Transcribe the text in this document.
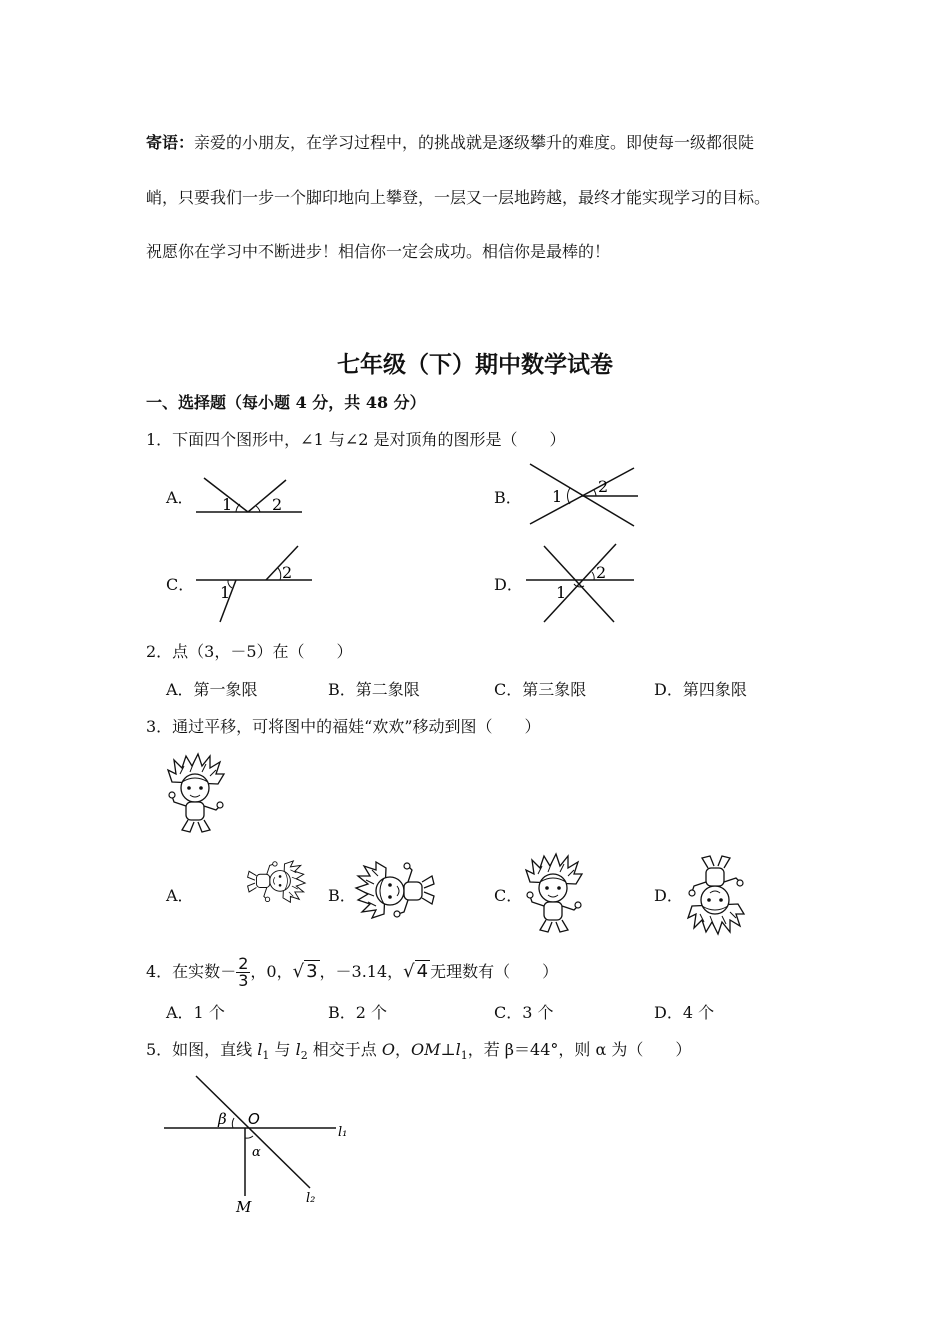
寄语：亲爱的小朋友，在学习过程中，的挑战就是逐级攀升的难度。即使每一级都很陡
峭，只要我们一步一个脚印地向上攀登，一层又一层地跨越，最终才能实现学习的目标。
祝愿你在学习中不断进步！相信你一定会成功。相信你是最棒的！
七年级（下）期中数学试卷
一、选择题（每小题 4 分，共 48 分）
1．下面四个图形中，∠1 与∠2 是对顶角的图形是（　　）
A． 1 2	B． 1
2
C． 1
2
D． 1
2
2．点（3，－5）在（　　）
A．第一象限	B．第二象限	C．第三象限	D．第四象限
3．通过平移，可将图中的福娃“欢欢”移动到图（　　）
A．	B．	C．	D．
4．在实数－ $\frac{2}{3}$ ，0，√ 3 ，－3.14，√ 4 无理数有（　　）
A．1 个	B．2 个	C．3 个	D．4 个
5．如图，直线 $l_1$ 与 $l_2$ 相交于点 O，$OM\perp l_1$，若 β＝44°，则 α 为（　　）
β O
α
M
l₁
l₂
